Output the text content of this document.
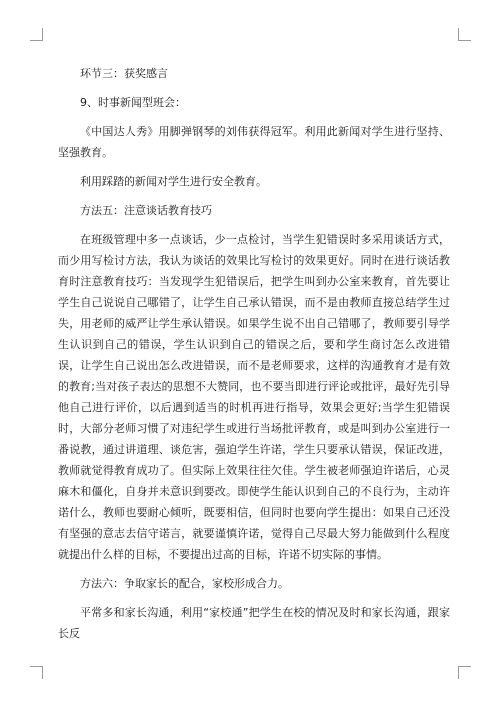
环节三：获奖感言

9、时事新闻型班会：

《中国达人秀》用脚弹钢琴的刘伟获得冠军。利用此新闻对学生进行坚持、坚强教育。

利用踩踏的新闻对学生进行安全教育。

方法五：注意谈话教育技巧

在班级管理中多一点谈话，少一点检讨，当学生犯错误时多采用谈话方式，而少用写检讨方法，我认为谈话的效果比写检讨的效果更好。同时在进行谈话教育时注意教育技巧：当发现学生犯错误后，把学生叫到办公室来教育，首先要让学生自己说说自己哪错了，让学生自己承认错误，而不是由教师直接总结学生过失，用老师的威严让学生承认错误。如果学生说不出自己错哪了，教师要引导学生认识到自己的错误，学生认识到自己的错误之后，要和学生商讨怎么改进错误，让学生自己说出怎么改进错误，而不是老师要求，这样的沟通教育才是有效的教育;当对孩子表达的思想不大赞同，也不要当即进行评论或批评，最好先引导他自己进行评价，以后遇到适当的时机再进行指导，效果会更好;当学生犯错误时，大部分老师习惯了对违纪学生或进行当场批评教育，或是叫到办公室进行一番说教，通过讲道理、谈危害，强迫学生许诺，学生只要承认错误，保证改进，教师就觉得教育成功了。但实际上效果往往欠佳。学生被老师强迫许诺后，心灵麻木和僵化，自身并未意识到要改。即使学生能认识到自己的不良行为，主动许诺什么，教师也要耐心倾听，既要相信，但同时也要向学生提出：如果自己还没有坚强的意志去信守诺言，就要谨慎许诺，觉得自己尽最大努力能做到什么程度就提出什么样的目标，不要提出过高的目标，许诺不切实际的事情。

方法六：争取家长的配合，家校形成合力。

平常多和家长沟通，利用“家校通”把学生在校的情况及时和家长沟通，跟家长反
